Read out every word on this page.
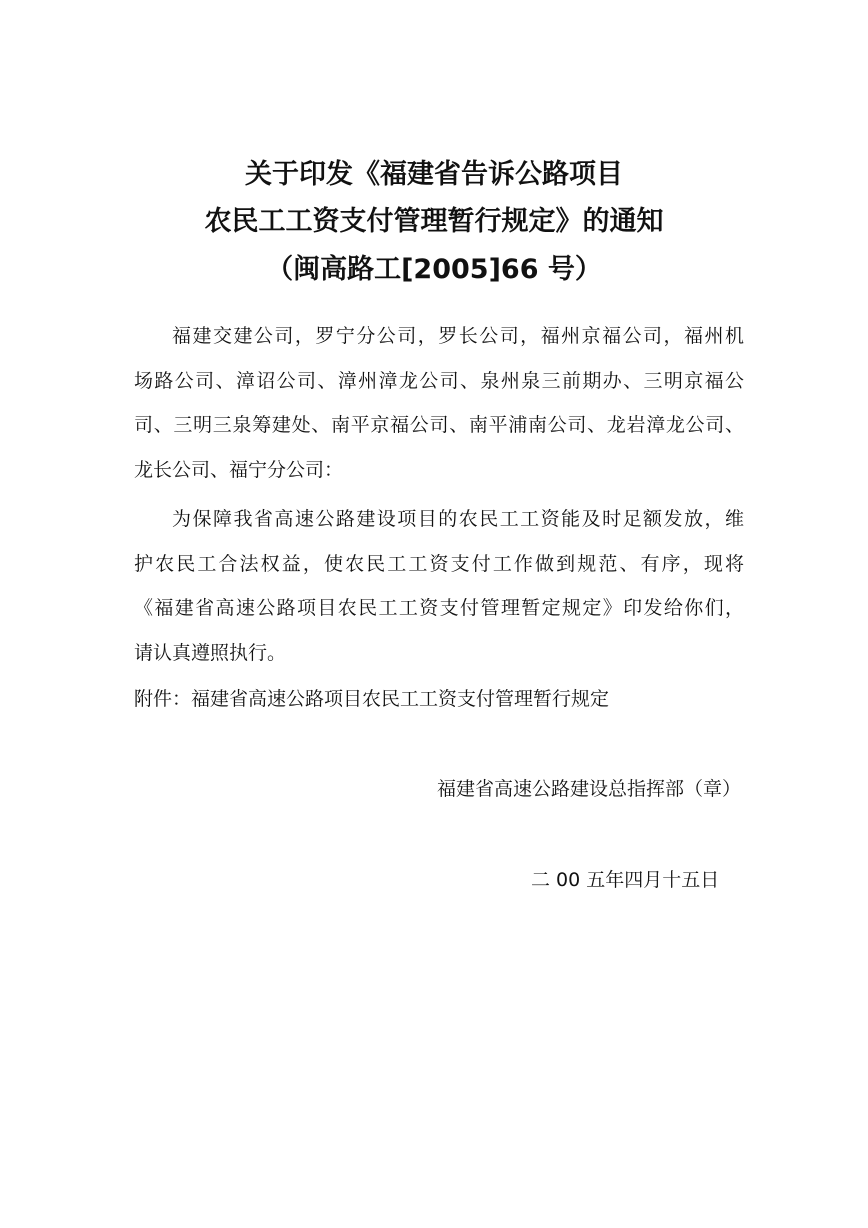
关于印发《福建省告诉公路项目
农民工工资支付管理暂行规定》的通知
（闽高路工[2005]66 号）
福建交建公司，罗宁分公司，罗长公司，福州京福公司，福州机
场路公司、漳诏公司、漳州漳龙公司、泉州泉三前期办、三明京福公
司、三明三泉筹建处、南平京福公司、南平浦南公司、龙岩漳龙公司、
龙长公司、福宁分公司：
为保障我省高速公路建设项目的农民工工资能及时足额发放，维
护农民工合法权益，使农民工工资支付工作做到规范、有序，现将
《福建省高速公路项目农民工工资支付管理暂定规定》印发给你们，
请认真遵照执行。
附件：福建省高速公路项目农民工工资支付管理暂行规定
福建省高速公路建设总指挥部（章）
二 00 五年四月十五日
